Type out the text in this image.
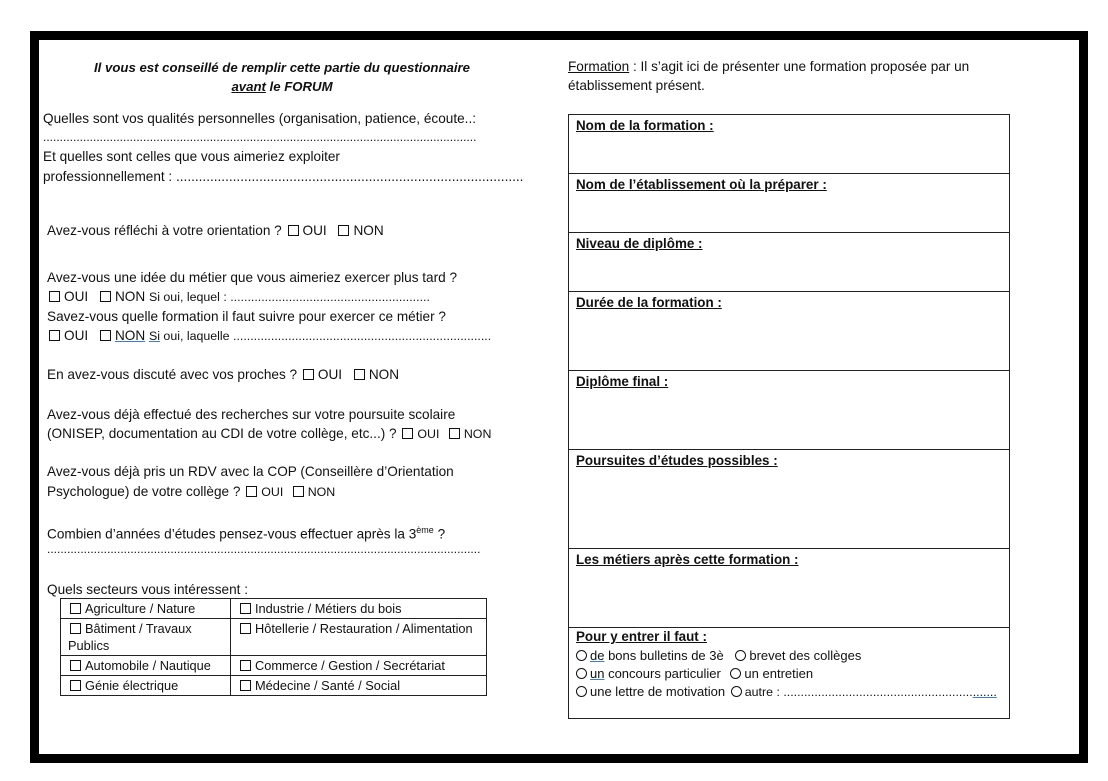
Il vous est conseillé de remplir cette partie du questionnaire
avant le FORUM
Quelles sont vos qualités personnelles (organisation, patience, écoute..:
..................................................................................................................................
Et quelles sont celles que vous aimeriez exploiter
professionnellement : ............................................................................................
Avez-vous réfléchi à votre orientation ? OUI NON
Avez-vous une idée du métier que vous aimeriez exercer plus tard ?
OUI NON Si oui, lequel : ..........................................................
Savez-vous quelle formation il faut suivre pour exercer ce métier ?
OUI NON Si oui, laquelle ...........................................................................
En avez-vous discuté avec vos proches ? OUI NON
Avez-vous déjà effectué des recherches sur votre poursuite scolaire
(ONISEP, documentation au CDI de votre collège, etc...) ? OUI NON
Avez-vous déjà pris un RDV avec la COP (Conseillère d’Orientation
Psychologue) de votre collège ? OUI NON
Combien d’années d’études pensez-vous effectuer après la 3ème ?
..................................................................................................................................
Quels secteurs vous intéressent :
Agriculture / Nature	Industrie / Métiers du bois
Bâtiment / Travaux Publics	Hôtellerie / Restauration / Alimentation
Automobile / Nautique	Commerce / Gestion / Secrétariat
Génie électrique	Médecine / Santé / Social
Formation : Il s’agit ici de présenter une formation proposée par un
établissement présent.
Nom de la formation :
Nom de l’établissement où la préparer :
Niveau de diplôme :
Durée de la formation :
Diplôme final :
Poursuites d’études possibles :
Les métiers après cette formation :
Pour y entrer il faut :
de bons bulletins de 3è brevet des collèges
un concours particulier un entretien
une lettre de motivation autre : ..............................................................
